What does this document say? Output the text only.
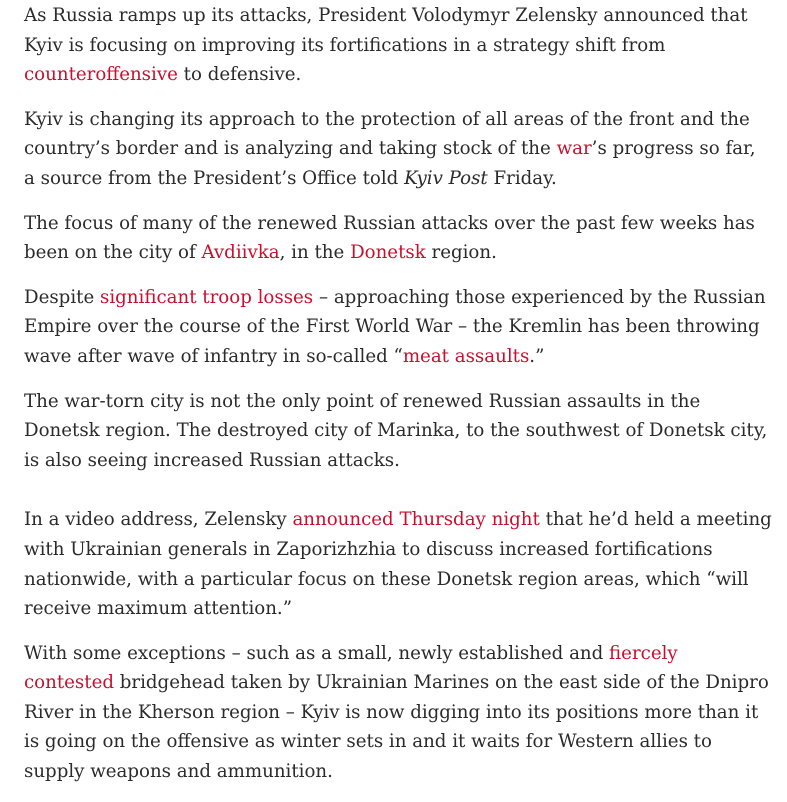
As Russia ramps up its attacks, President Volodymyr Zelensky announced that Kyiv is focusing on improving its fortifications in a strategy shift from counteroffensive to defensive.

Kyiv is changing its approach to the protection of all areas of the front and the country’s border and is analyzing and taking stock of the war’s progress so far, a source from the President’s Office told Kyiv Post Friday.

The focus of many of the renewed Russian attacks over the past few weeks has been on the city of Avdiivka, in the Donetsk region.

Despite significant troop losses – approaching those experienced by the Russian Empire over the course of the First World War – the Kremlin has been throwing wave after wave of infantry in so-called “meat assaults.”

The war-torn city is not the only point of renewed Russian assaults in the Donetsk region. The destroyed city of Marinka, to the southwest of Donetsk city, is also seeing increased Russian attacks.

In a video address, Zelensky announced Thursday night that he’d held a meeting with Ukrainian generals in Zaporizhzhia to discuss increased fortifications nationwide, with a particular focus on these Donetsk region areas, which “will receive maximum attention.”

With some exceptions – such as a small, newly established and fiercely contested bridgehead taken by Ukrainian Marines on the east side of the Dnipro River in the Kherson region – Kyiv is now digging into its positions more than it is going on the offensive as winter sets in and it waits for Western allies to supply weapons and ammunition.
